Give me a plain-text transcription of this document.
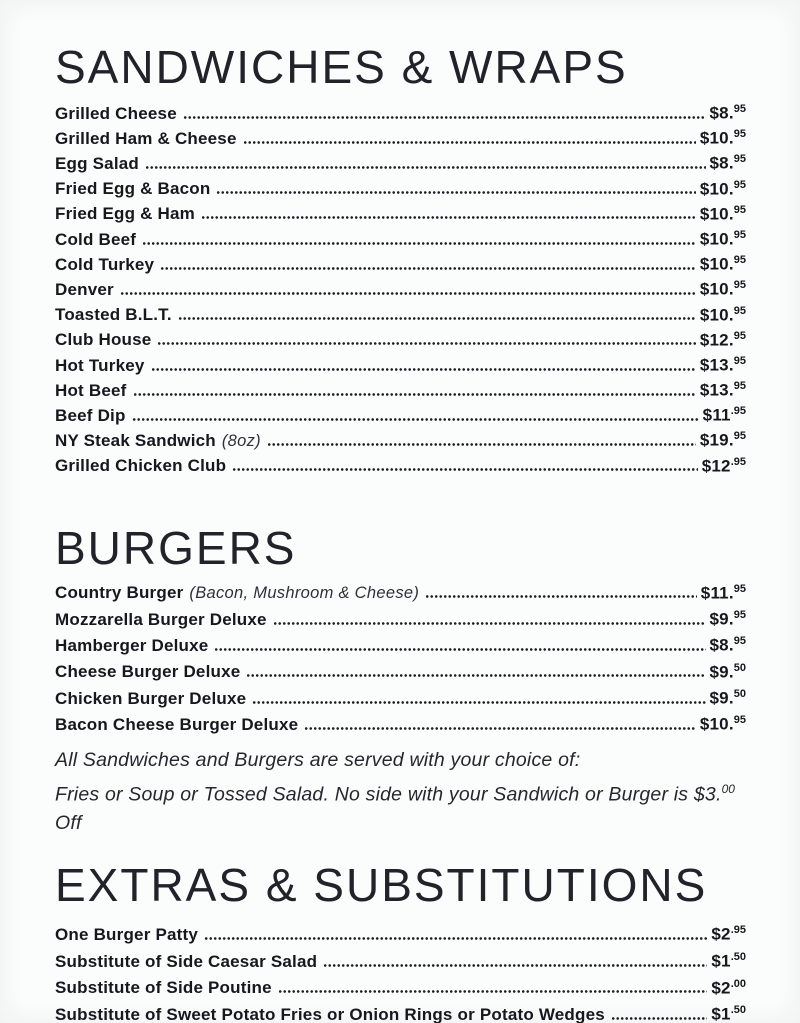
SANDWICHES & WRAPS
Grilled Cheese	$8.95
Grilled Ham & Cheese	$10.95
Egg Salad	$8.95
Fried Egg & Bacon	$10.95
Fried Egg & Ham	$10.95
Cold Beef	$10.95
Cold Turkey	$10.95
Denver	$10.95
Toasted B.L.T.	$10.95
Club House	$12.95
Hot Turkey	$13.95
Hot Beef	$13.95
Beef Dip	$\$11^{.95}$
NY Steak Sandwich (8oz)	$19.95
Grilled Chicken Club	$\$12^{.95}$
BURGERS
Country Burger (Bacon, Mushroom & Cheese)	$11.95
Mozzarella Burger Deluxe	$9.95
Hamberger Deluxe	$8.95
Cheese Burger Deluxe	$9.50
Chicken Burger Deluxe	$9.50
Bacon Cheese Burger Deluxe	$10.95

All Sandwiches and Burgers are served with your choice of:
Fries or Soup or Tossed Salad. No side with your Sandwich or Burger is $3.00 Off

EXTRAS & SUBSTITUTIONS
One Burger Patty	$\$2^{.95}$
Substitute of Side Caesar Salad	$\$1^{.50}$
Substitute of Side Poutine	$\$2^{.00}$
Substitute of Sweet Potato Fries or Onion Rings or Potato Wedges	$\$1^{.50}$
